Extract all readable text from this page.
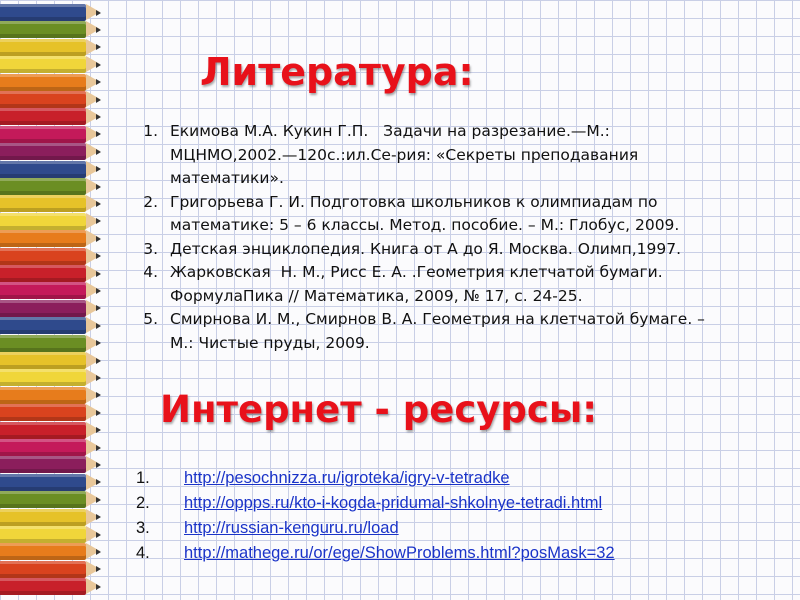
Литература:
1. Екимова М.А. Кукин Г.П.   Задачи на разрезание.—М.:
МЦНМО,2002.—120с.:ил.Се-рия: «Секреты преподавания
математики».
2. Григорьева Г. И. Подготовка школьников к олимпиадам по
математике: 5 – 6 классы. Метод. пособие. – М.: Глобус, 2009.
3. Детская энциклопедия. Книга от А до Я. Москва. Олимп,1997.
4. Жарковская  Н. М., Рисс Е. А. .Геометрия клетчатой бумаги.
ФормулаПика // Математика, 2009, № 17, с. 24-25.
5. Смирнова И. М., Смирнов В. А. Геометрия на клетчатой бумаге. –
М.: Чистые пруды, 2009.
Интернет - ресурсы:
1. http://pesochnizza.ru/igroteka/igry-v-tetradke
2. http://oppps.ru/kto-i-kogda-pridumal-shkolnye-tetradi.html
3. http://russian-kenguru.ru/load
4. http://mathege.ru/or/ege/ShowProblems.html?posMask=32
